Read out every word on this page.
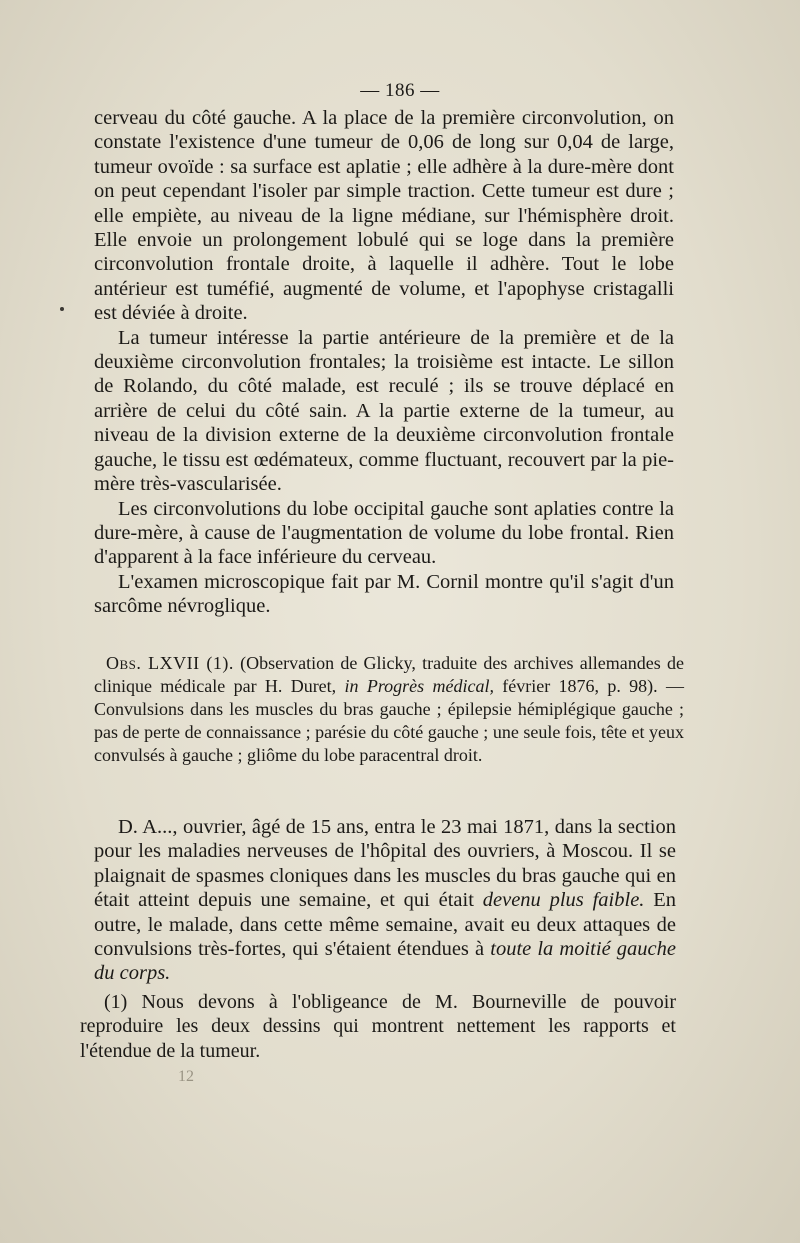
— 186 —

cerveau du côté gauche. A la place de la première circonvolution, on constate l'existence d'une tumeur de 0,06 de long sur 0,04 de large, tumeur ovoïde : sa surface est aplatie ; elle adhère à la dure-mère dont on peut cependant l'isoler par simple traction. Cette tumeur est dure ; elle empiète, au niveau de la ligne médiane, sur l'hémisphère droit. Elle envoie un prolongement lobulé qui se loge dans la première circonvolution frontale droite, à laquelle il adhère. Tout le lobe antérieur est tuméfié, augmenté de volume, et l'apophyse cristagalli est déviée à droite.

La tumeur intéresse la partie antérieure de la première et de la deuxième circonvolution frontales; la troisième est intacte. Le sillon de Rolando, du côté malade, est reculé ; ils se trouve déplacé en arrière de celui du côté sain. A la partie externe de la tumeur, au niveau de la division externe de la deuxième circonvolution frontale gauche, le tissu est œdémateux, comme fluctuant, recouvert par la pie-mère très-vascularisée.

Les circonvolutions du lobe occipital gauche sont aplaties contre la dure-mère, à cause de l'augmentation de volume du lobe frontal. Rien d'apparent à la face inférieure du cerveau.

L'examen microscopique fait par M. Cornil montre qu'il s'agit d'un sarcôme névroglique.

Obs. LXVII (1). (Observation de Glicky, traduite des archives allemandes de clinique médicale par H. Duret, in Progrès médical, février 1876, p. 98). — Convulsions dans les muscles du bras gauche ; épilepsie hémiplégique gauche ; pas de perte de connaissance ; parésie du côté gauche ; une seule fois, tête et yeux convulsés à gauche ; gliôme du lobe paracentral droit.

D. A..., ouvrier, âgé de 15 ans, entra le 23 mai 1871, dans la section pour les maladies nerveuses de l'hôpital des ouvriers, à Moscou. Il se plaignait de spasmes cloniques dans les muscles du bras gauche qui en était atteint depuis une semaine, et qui était devenu plus faible. En outre, le malade, dans cette même semaine, avait eu deux attaques de convulsions très-fortes, qui s'étaient étendues à toute la moitié gauche du corps.

(1) Nous devons à l'obligeance de M. Bourneville de pouvoir reproduire les deux dessins qui montrent nettement les rapports et l'étendue de la tumeur.

12
